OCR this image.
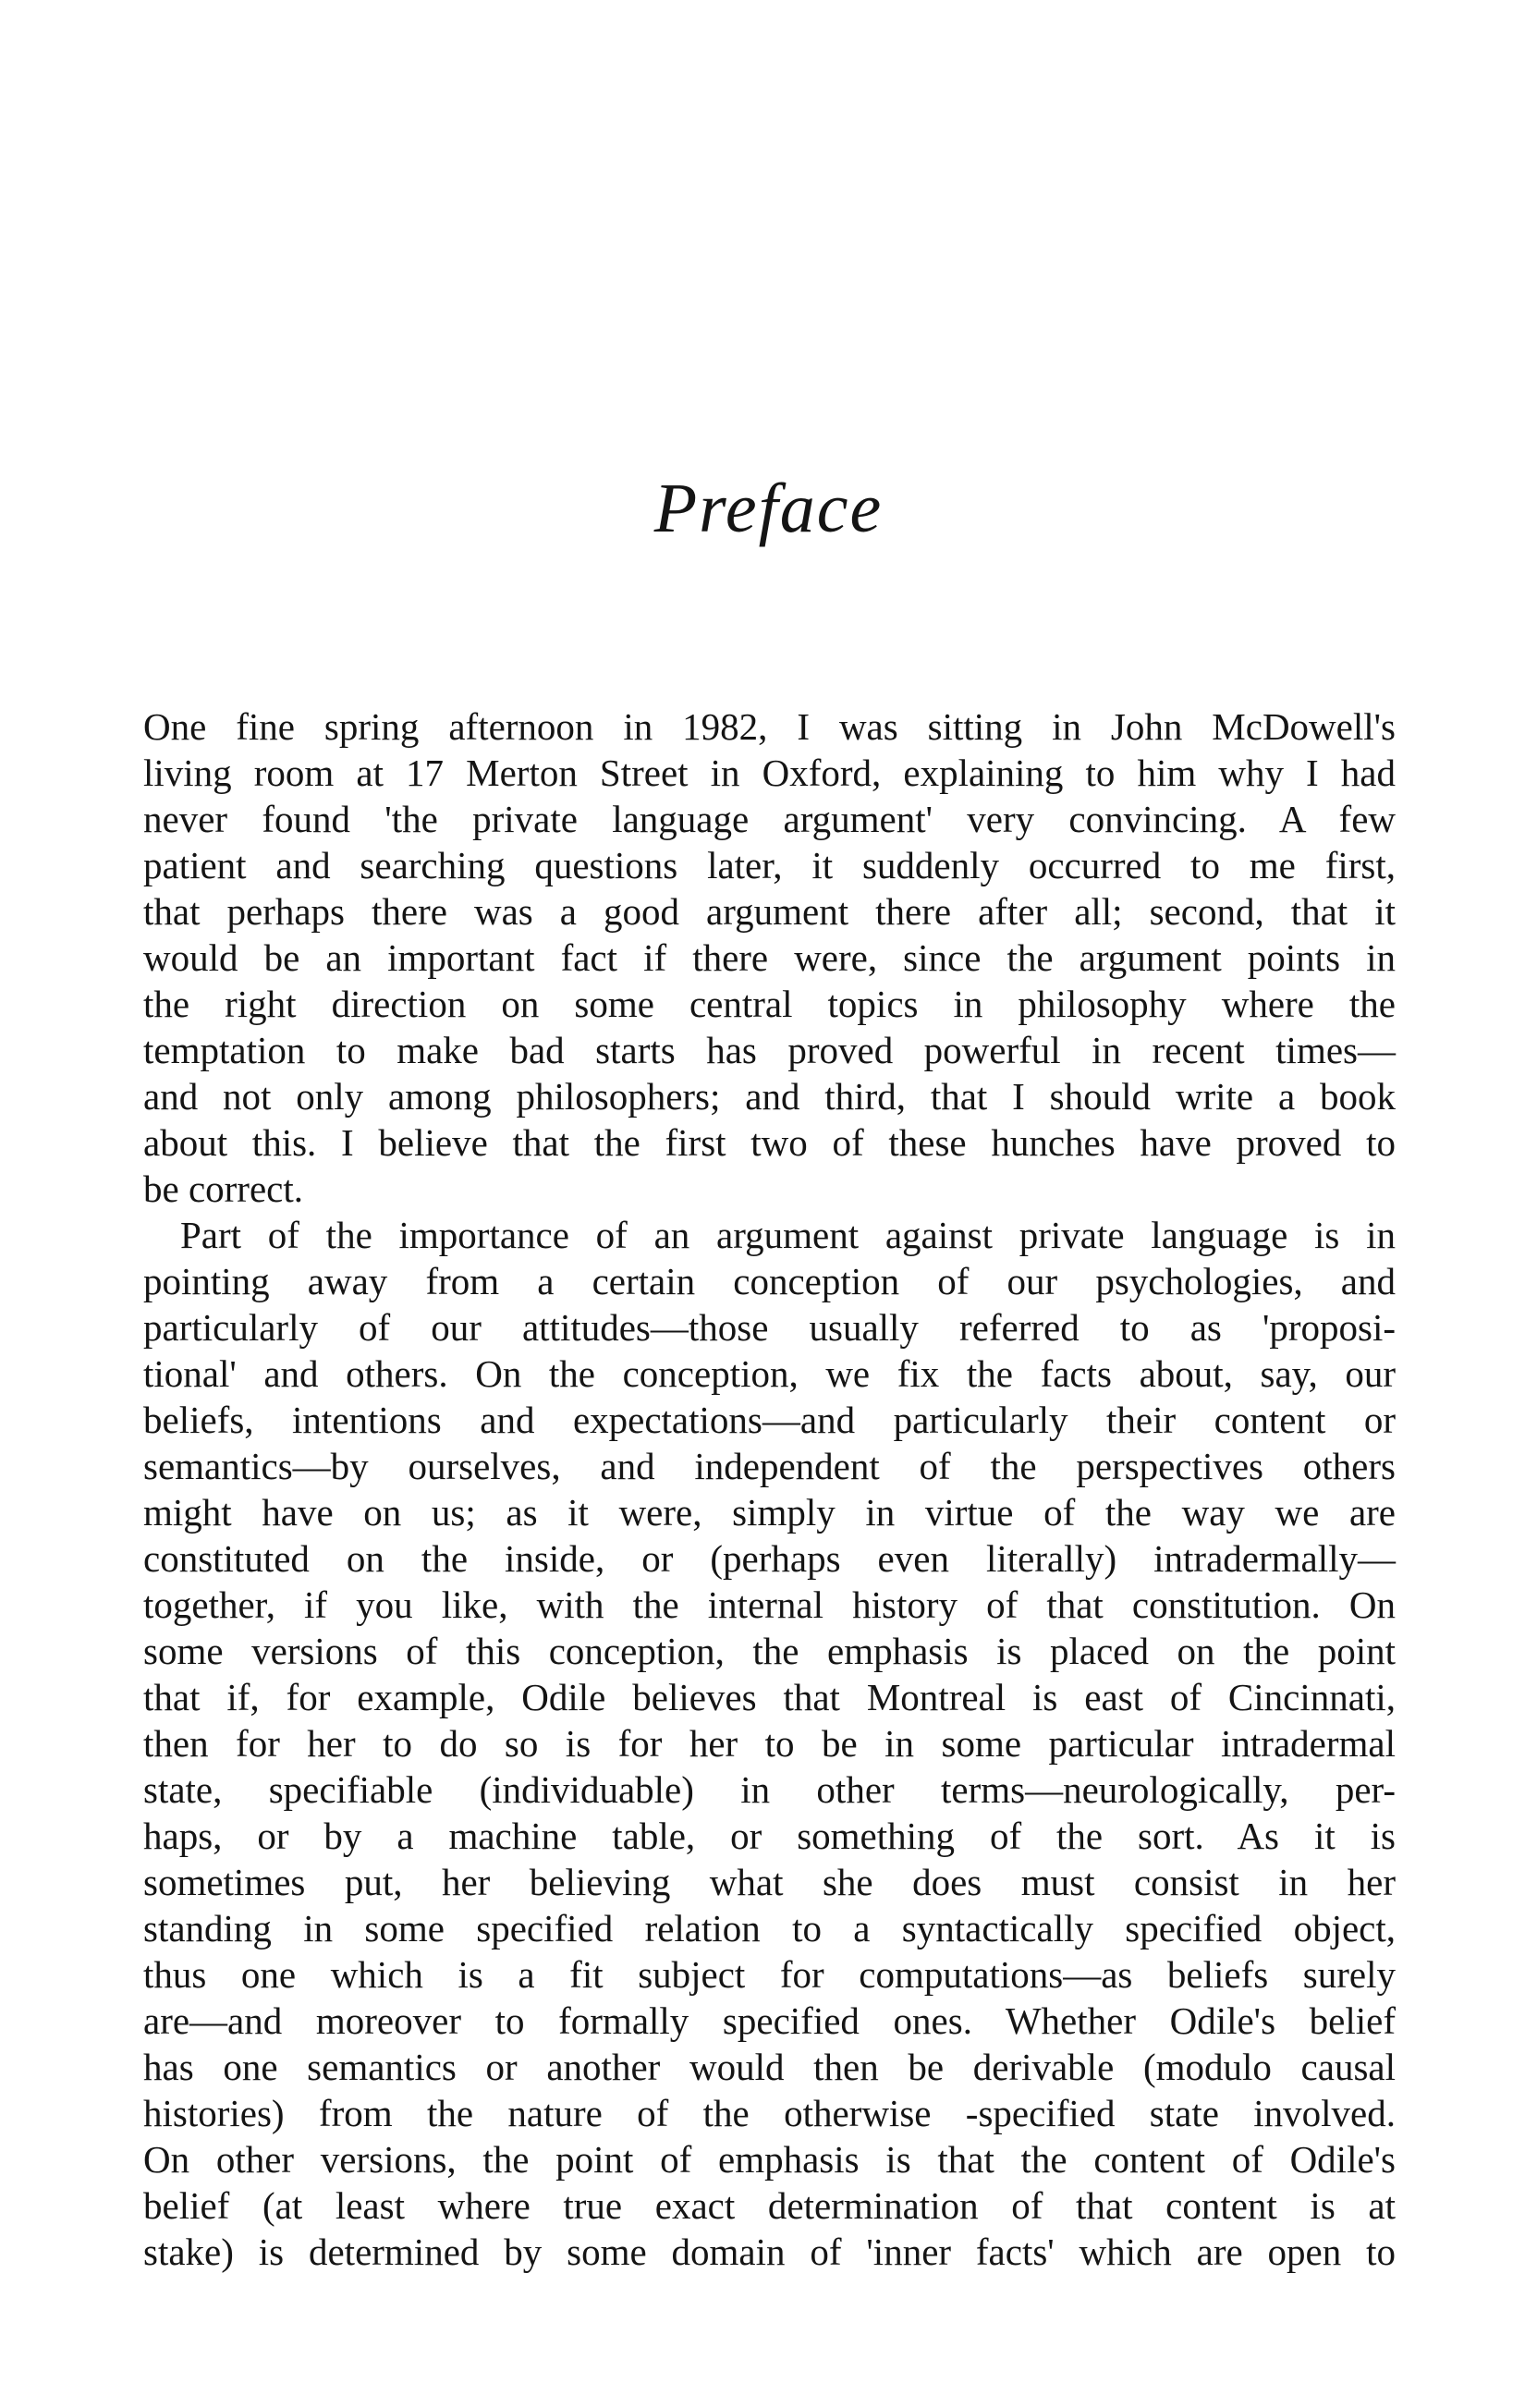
Preface
One fine spring afternoon in 1982, I was sitting in John McDowell's
living room at 17 Merton Street in Oxford, explaining to him why I had
never found 'the private language argument' very convincing. A few
patient and searching questions later, it suddenly occurred to me first,
that perhaps there was a good argument there after all; second, that it
would be an important fact if there were, since the argument points in
the right direction on some central topics in philosophy where the
temptation to make bad starts has proved powerful in recent times—
and not only among philosophers; and third, that I should write a book
about this. I believe that the first two of these hunches have proved to
be correct.
Part of the importance of an argument against private language is in
pointing away from a certain conception of our psychologies, and
particularly of our attitudes—those usually referred to as 'proposi-
tional' and others. On the conception, we fix the facts about, say, our
beliefs, intentions and expectations—and particularly their content or
semantics—by ourselves, and independent of the perspectives others
might have on us; as it were, simply in virtue of the way we are
constituted on the inside, or (perhaps even literally) intradermally—
together, if you like, with the internal history of that constitution. On
some versions of this conception, the emphasis is placed on the point
that if, for example, Odile believes that Montreal is east of Cincinnati,
then for her to do so is for her to be in some particular intradermal
state, specifiable (individuable) in other terms—neurologically, per-
haps, or by a machine table, or something of the sort. As it is
sometimes put, her believing what she does must consist in her
standing in some specified relation to a syntactically specified object,
thus one which is a fit subject for computations—as beliefs surely
are—and moreover to formally specified ones. Whether Odile's belief
has one semantics or another would then be derivable (modulo causal
histories) from the nature of the otherwise -specified state involved.
On other versions, the point of emphasis is that the content of Odile's
belief (at least where true exact determination of that content is at
stake) is determined by some domain of 'inner facts' which are open to
